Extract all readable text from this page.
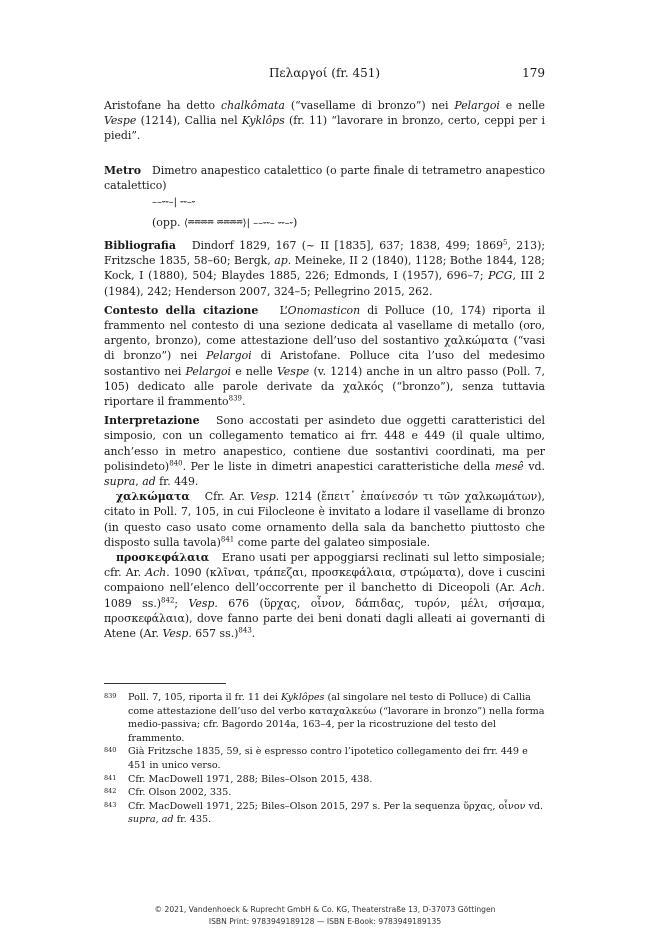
Πελαργοί (fr. 451)	179

Aristofane ha detto chalkômata (“vasellame di bronzo”) nei Pelargoi e nelle Vespe (1214), Callia nel Kyklôps (fr. 11) “lavorare in bronzo, certo, ceppi per i piedi”.

Metro Dimetro anapestico catalettico (o parte finale di tetrametro anapestico catalettico)

––⏑⏑–| ⏑⏑–⏑
(opp. ⟨⏔⏔⏔⏔ ⏔⏔⏔⏔⟩| ––⏑⏑– ⏑⏑–⏑)

Bibliografia Dindorf 1829, 167 (~ II [1835], 637; 1838, 499; 1869$^5$, 213); Fritzsche 1835, 58–60; Bergk, ap. Meineke, II 2 (1840), 1128; Bothe 1844, 128; Kock, I (1880), 504; Blaydes 1885, 226; Edmonds, I (1957), 696–7; PCG, III 2 (1984), 242; Henderson 2007, 324–5; Pellegrino 2015, 262.

Contesto della citazione L’Onomasticon di Polluce (10, 174) riporta il frammento nel contesto di una sezione dedicata al vasellame di metallo (oro, argento, bronzo), come attestazione dell’uso del sostantivo χαλκώματα (“vasi di bronzo”) nei Pelargoi di Aristofane. Polluce cita l’uso del medesimo sostantivo nei Pelargoi e nelle Vespe (v. 1214) anche in un altro passo (Poll. 7, 105) dedicato alle parole derivate da χαλκός (“bronzo”), senza tuttavia riportare il frammento$^{839}$.

Interpretazione Sono accostati per asindeto due oggetti caratteristici del simposio, con un collegamento tematico ai frr. 448 e 449 (il quale ultimo, anch’esso in metro anapestico, contiene due sostantivi coordinati, ma per polisindeto)$^{840}$. Per le liste in dimetri anapestici caratteristiche della mesê vd. supra, ad fr. 449.

χαλκώματα Cfr. Ar. Vesp. 1214 (ἔπειτ᾽ ἐπαίνεσόν τι τῶν χαλκωμάτων), citato in Poll. 7, 105, in cui Filocleone è invitato a lodare il vasellame di bronzo (in questo caso usato come ornamento della sala da banchetto piuttosto che disposto sulla tavola)$^{841}$ come parte del galateo simposiale.

προσκεφάλαια Erano usati per appoggiarsi reclinati sul letto simposiale; cfr. Ar. Ach. 1090 (κλῖναι, τράπεζαι, προσκεφάλαια, στρώματα), dove i cuscini compaiono nell’elenco dell’occorrente per il banchetto di Diceopoli (Ar. Ach. 1089 ss.)$^{842}$; Vesp. 676 (ὕρχας, οἶνον, δάπιδας, τυρόν, μέλι, σήσαμα, προσκεφάλαια), dove fanno parte dei beni donati dagli alleati ai governanti di Atene (Ar. Vesp. 657 ss.)$^{843}$.

839	Poll. 7, 105, riporta il fr. 11 dei Kyklôpes (al singolare nel testo di Polluce) di Callia come attestazione dell’uso del verbo καταχαλκεύω (“lavorare in bronzo”) nella forma medio-passiva; cfr. Bagordo 2014a, 163–4, per la ricostruzione del testo del frammento.
840	Già Fritzsche 1835, 59, si è espresso contro l’ipotetico collegamento dei frr. 449 e 451 in unico verso.
841	Cfr. MacDowell 1971, 288; Biles–Olson 2015, 438.
842	Cfr. Olson 2002, 335.
843	Cfr. MacDowell 1971, 225; Biles–Olson 2015, 297 s. Per la sequenza ὕρχας, οἶνον vd. supra, ad fr. 435.
© 2021, Vandenhoeck & Ruprecht GmbH & Co. KG, Theaterstraße 13, D-37073 Göttingen
ISBN Print: 9783949189128 — ISBN E-Book: 9783949189135
